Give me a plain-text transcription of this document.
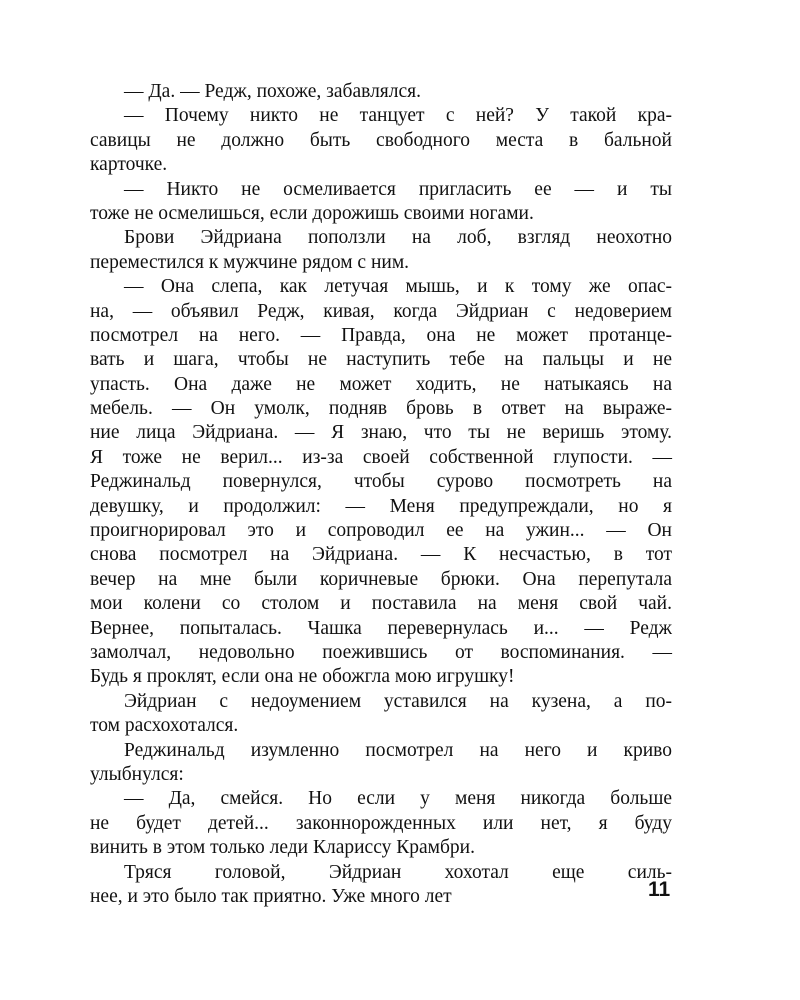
— Да. — Редж, похоже, забавлялся.
— Почему никто не танцует с ней? У такой кра-
савицы не должно быть свободного места в бальной
карточке.
— Никто не осмеливается пригласить ее — и ты
тоже не осмелишься, если дорожишь своими ногами.
Брови Эйдриана поползли на лоб, взгляд неохотно
переместился к мужчине рядом с ним.
— Она слепа, как летучая мышь, и к тому же опас-
на, — объявил Редж, кивая, когда Эйдриан с недоверием
посмотрел на него. — Правда, она не может протанце-
вать и шага, чтобы не наступить тебе на пальцы и не
упасть. Она даже не может ходить, не натыкаясь на
мебель. — Он умолк, подняв бровь в ответ на выраже-
ние лица Эйдриана. — Я знаю, что ты не веришь этому.
Я тоже не верил... из-за своей собственной глупости. —
Реджинальд повернулся, чтобы сурово посмотреть на
девушку, и продолжил: — Меня предупреждали, но я
проигнорировал это и сопроводил ее на ужин... — Он
снова посмотрел на Эйдриана. — К несчастью, в тот
вечер на мне были коричневые брюки. Она перепутала
мои колени со столом и поставила на меня свой чай.
Вернее, попыталась. Чашка перевернулась и... — Редж
замолчал, недовольно поежившись от воспоминания. —
Будь я проклят, если она не обожгла мою игрушку!
Эйдриан с недоумением уставился на кузена, а по-
том расхохотался.
Реджинальд изумленно посмотрел на него и криво
улыбнулся:
— Да, смейся. Но если у меня никогда больше
не будет детей... законнорожденных или нет, я буду
винить в этом только леди Клариссу Крамбри.
Тряся головой, Эйдриан хохотал еще силь-
нее, и это было так приятно. Уже много лет	11
